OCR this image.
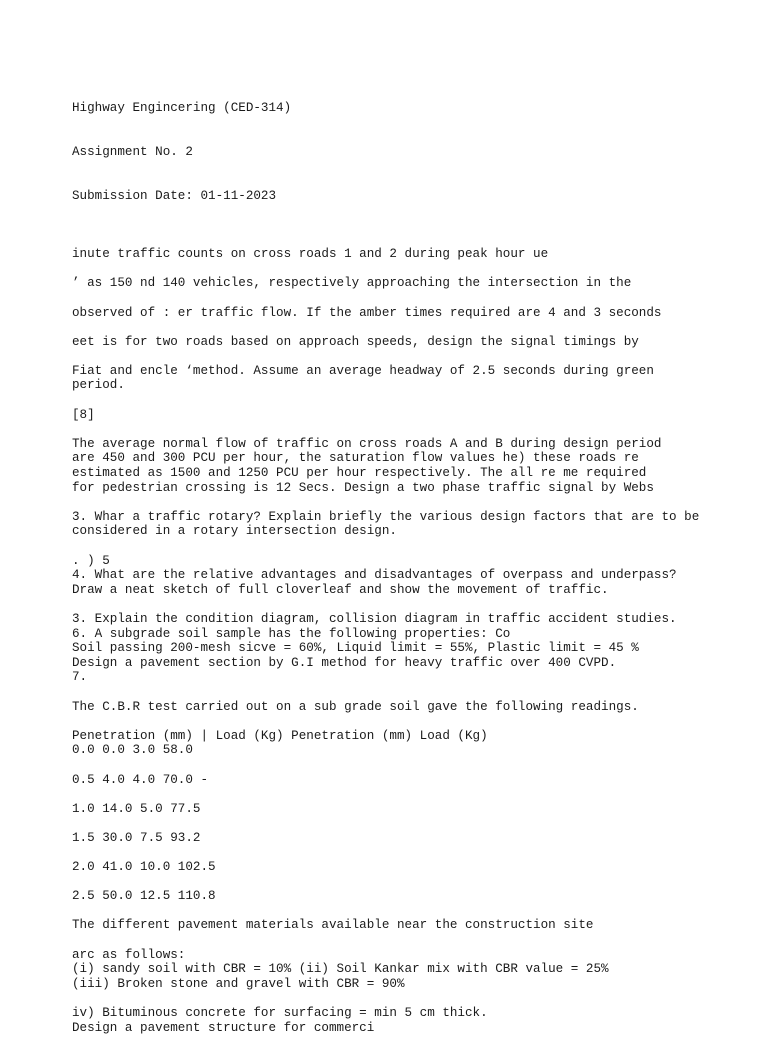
Highway Engincering (CED-314)

Assignment No. 2

Submission Date: 01-11-2023

inute traffic counts on cross roads 1 and 2 during peak hour ue
’ as 150 nd 140 vehicles, respectively approaching the intersection in the
observed of : er traffic flow. If the amber times required are 4 and 3 seconds
eet is for two roads based on approach speeds, design the signal timings by
Fiat and encle ‘method. Assume an average headway of 2.5 seconds during green
period.
[8]
The average normal flow of traffic on cross roads A and B during design period
are 450 and 300 PCU per hour, the saturation flow values he) these roads re
estimated as 1500 and 1250 PCU per hour respectively. The all re me required
for pedestrian crossing is 12 Secs. Design a two phase traffic signal by Webs
3. Whar a traffic rotary? Explain briefly the various design factors that are to be
considered in a rotary intersection design.
. ) 5
4. What are the relative advantages and disadvantages of overpass and underpass?
Draw a neat sketch of full cloverleaf and show the movement of traffic.
3. Explain the condition diagram, collision diagram in traffic accident studies.
6. A subgrade soil sample has the following properties: Co
Soil passing 200-mesh sicve = 60%, Liquid limit = 55%, Plastic limit = 45 %
Design a pavement section by G.I method for heavy traffic over 400 CVPD.
7.
The C.B.R test carried out on a sub grade soil gave the following readings.
Penetration (mm) | Load (Kg) Penetration (mm) Load (Kg)
0.0 0.0 3.0 58.0
0.5 4.0 4.0 70.0 -
1.0 14.0 5.0 77.5
1.5 30.0 7.5 93.2
2.0 41.0 10.0 102.5
2.5 50.0 12.5 110.8
The different pavement materials available near the construction site
arc as follows:
(i) sandy soil with CBR = 10% (ii) Soil Kankar mix with CBR value = 25%
(iii) Broken stone and gravel with CBR = 90%
iv) Bituminous concrete for surfacing = min 5 cm thick.
Design a pavement structure for commerci
